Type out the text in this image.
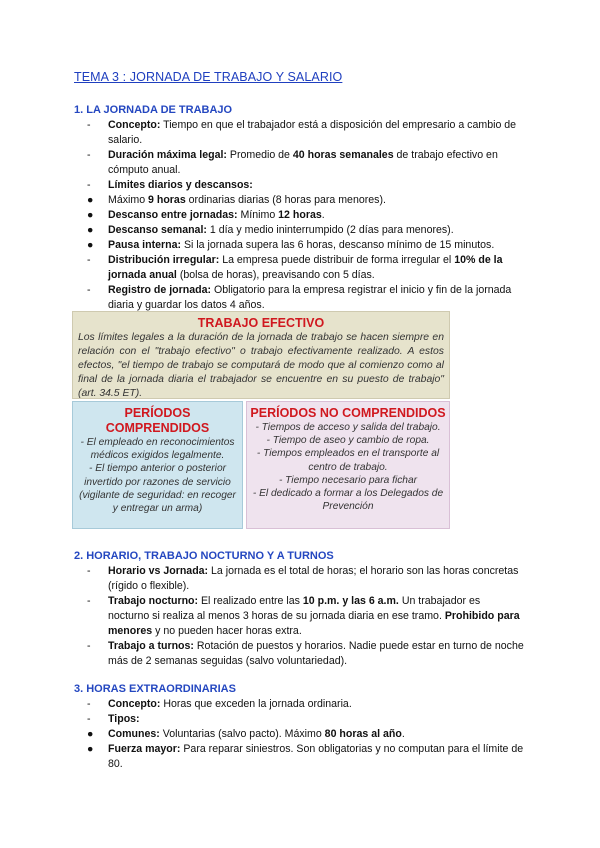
TEMA 3 : JORNADA DE TRABAJO Y SALARIO
1. LA JORNADA DE TRABAJO
-	Concepto: Tiempo en que el trabajador está a disposición del empresario a cambio de salario.
-	Duración máxima legal: Promedio de 40 horas semanales de trabajo efectivo en cómputo anual.
-	Límites diarios y descansos:
●	Máximo 9 horas ordinarias diarias (8 horas para menores).
●	Descanso entre jornadas: Mínimo 12 horas.
●	Descanso semanal: 1 día y medio ininterrumpido (2 días para menores).
●	Pausa interna: Si la jornada supera las 6 horas, descanso mínimo de 15 minutos.
-	Distribución irregular: La empresa puede distribuir de forma irregular el 10% de la jornada anual (bolsa de horas), preavisando con 5 días.
-	Registro de jornada: Obligatorio para la empresa registrar el inicio y fin de la jornada diaria y guardar los datos 4 años.
TRABAJO EFECTIVO
Los límites legales a la duración de la jornada de trabajo se hacen siempre en relación con el "trabajo efectivo" o trabajo efectivamente realizado. A estos efectos, "el tiempo de trabajo se computará de modo que al comienzo como al final de la jornada diaria el trabajador se encuentre en su puesto de trabajo" (art. 34.5 ET).
PERÍODOS COMPRENDIDOS
- El empleado en reconocimientos médicos exigidos legalmente.
- El tiempo anterior o posterior invertido por razones de servicio (vigilante de seguridad: en recoger y entregar un arma)
PERÍODOS NO COMPRENDIDOS
- Tiempos de acceso y salida del trabajo.
- Tiempo de aseo y cambio de ropa.
- Tiempos empleados en el transporte al centro de trabajo.
- Tiempo necesario para fichar
- El dedicado a formar a los Delegados de Prevención
2. HORARIO, TRABAJO NOCTURNO Y A TURNOS
-	Horario vs Jornada: La jornada es el total de horas; el horario son las horas concretas (rígido o flexible).
-	Trabajo nocturno: El realizado entre las 10 p.m. y las 6 a.m. Un trabajador es nocturno si realiza al menos 3 horas de su jornada diaria en ese tramo. Prohibido para menores y no pueden hacer horas extra.
-	Trabajo a turnos: Rotación de puestos y horarios. Nadie puede estar en turno de noche más de 2 semanas seguidas (salvo voluntariedad).
3. HORAS EXTRAORDINARIAS
-	Concepto: Horas que exceden la jornada ordinaria.
-	Tipos:
●	Comunes: Voluntarias (salvo pacto). Máximo 80 horas al año.
●	Fuerza mayor: Para reparar siniestros. Son obligatorias y no computan para el límite de 80.
